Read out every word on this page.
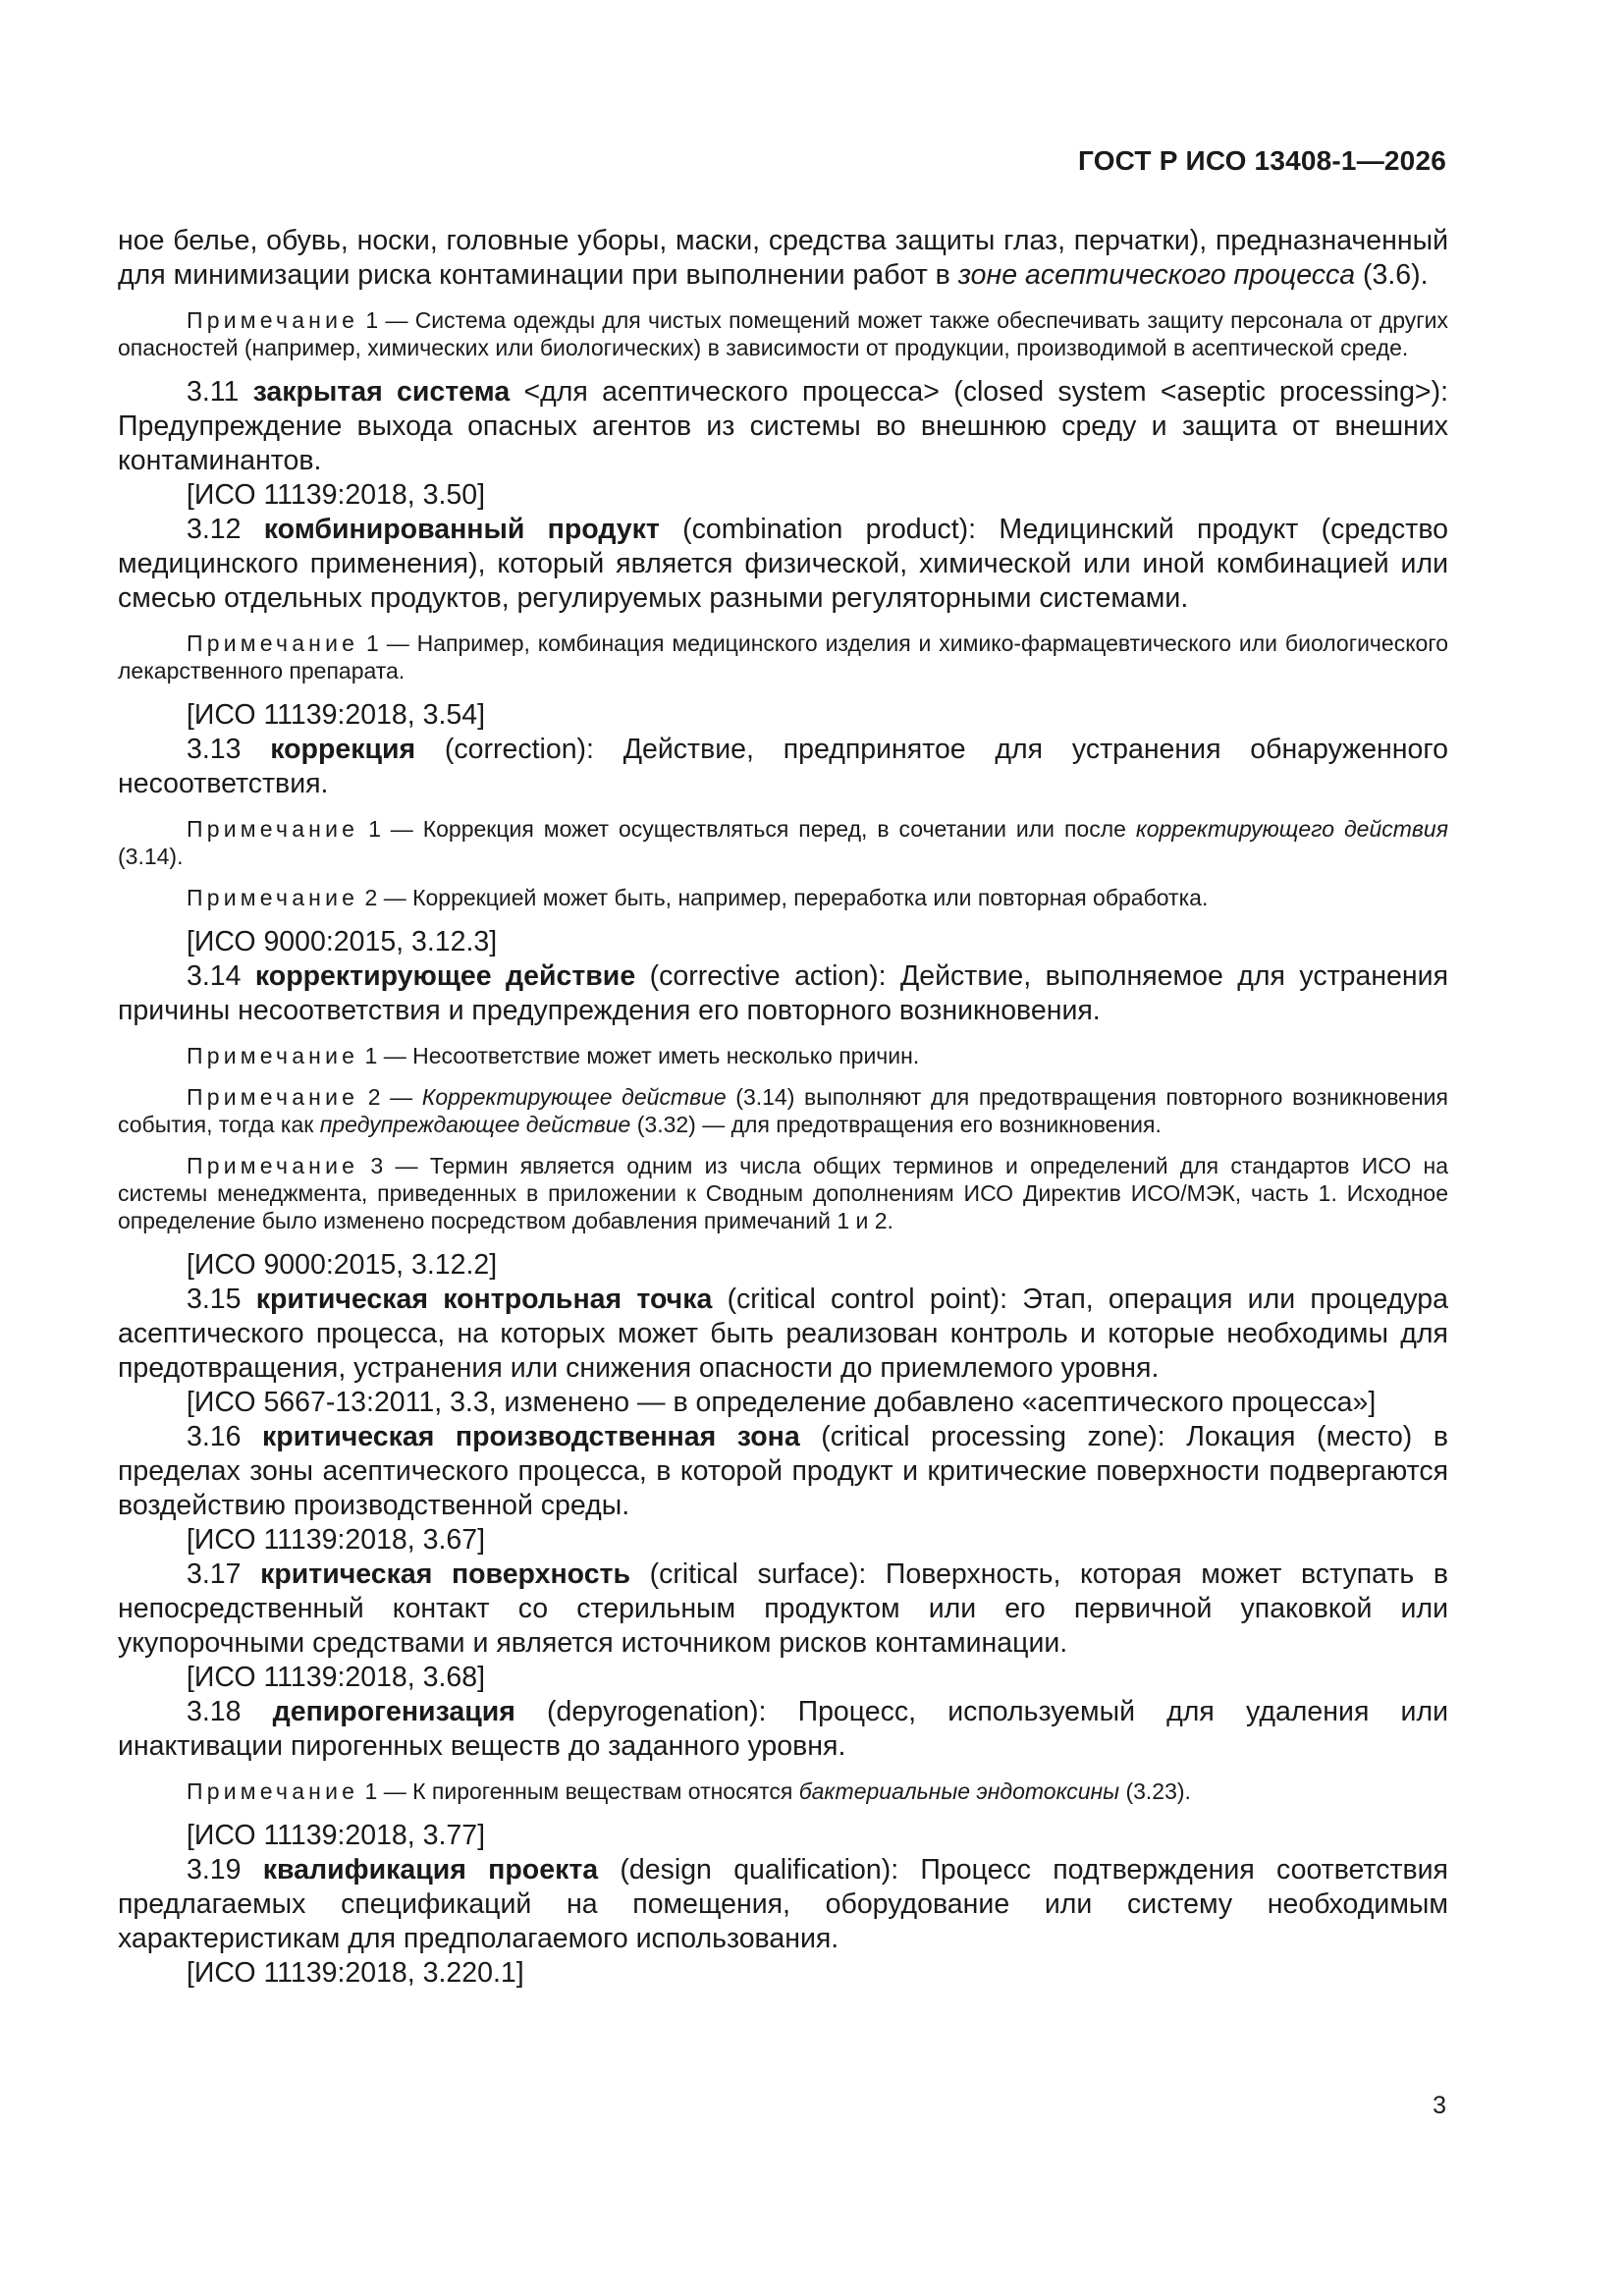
ГОСТ Р ИСО 13408-1—2026

ное белье, обувь, носки, головные уборы, маски, средства защиты глаз, перчатки), предназначенный для минимизации риска контаминации при выполнении работ в зоне асептического процесса (3.6).

Примечание 1 — Система одежды для чистых помещений может также обеспечивать защиту персонала от других опасностей (например, химических или биологических) в зависимости от продукции, производимой в асептической среде.

3.11 закрытая система <для асептического процесса> (closed system <aseptic processing>): Предупреждение выхода опасных агентов из системы во внешнюю среду и защита от внешних контаминантов.

[ИСО 11139:2018, 3.50]

3.12 комбинированный продукт (combination product): Медицинский продукт (средство медицинского применения), который является физической, химической или иной комбинацией или смесью отдельных продуктов, регулируемых разными регуляторными системами.

Примечание 1 — Например, комбинация медицинского изделия и химико-фармацевтического или биологического лекарственного препарата.

[ИСО 11139:2018, 3.54]

3.13 коррекция (correction): Действие, предпринятое для устранения обнаруженного несоответствия.

Примечание 1 — Коррекция может осуществляться перед, в сочетании или после корректирующего действия (3.14).

Примечание 2 — Коррекцией может быть, например, переработка или повторная обработка.

[ИСО 9000:2015, 3.12.3]

3.14 корректирующее действие (corrective action): Действие, выполняемое для устранения причины несоответствия и предупреждения его повторного возникновения.

Примечание 1 — Несоответствие может иметь несколько причин.

Примечание 2 — Корректирующее действие (3.14) выполняют для предотвращения повторного возникновения события, тогда как предупреждающее действие (3.32) — для предотвращения его возникновения.

Примечание 3 — Термин является одним из числа общих терминов и определений для стандартов ИСО на системы менеджмента, приведенных в приложении к Сводным дополнениям ИСО Директив ИСО/МЭК, часть 1. Исходное определение было изменено посредством добавления примечаний 1 и 2.

[ИСО 9000:2015, 3.12.2]

3.15 критическая контрольная точка (critical control point): Этап, операция или процедура асептического процесса, на которых может быть реализован контроль и которые необходимы для предотвращения, устранения или снижения опасности до приемлемого уровня.

[ИСО 5667-13:2011, 3.3, изменено — в определение добавлено «асептического процесса»]

3.16 критическая производственная зона (critical processing zone): Локация (место) в пределах зоны асептического процесса, в которой продукт и критические поверхности подвергаются воздействию производственной среды.

[ИСО 11139:2018, 3.67]

3.17 критическая поверхность (critical surface): Поверхность, которая может вступать в непосредственный контакт со стерильным продуктом или его первичной упаковкой или укупорочными средствами и является источником рисков контаминации.

[ИСО 11139:2018, 3.68]

3.18 депирогенизация (depyrogenation): Процесс, используемый для удаления или инактивации пирогенных веществ до заданного уровня.

Примечание 1 — К пирогенным веществам относятся бактериальные эндотоксины (3.23).

[ИСО 11139:2018, 3.77]

3.19 квалификация проекта (design qualification): Процесс подтверждения соответствия предлагаемых спецификаций на помещения, оборудование или систему необходимым характеристикам для предполагаемого использования.

[ИСО 11139:2018, 3.220.1]

3
